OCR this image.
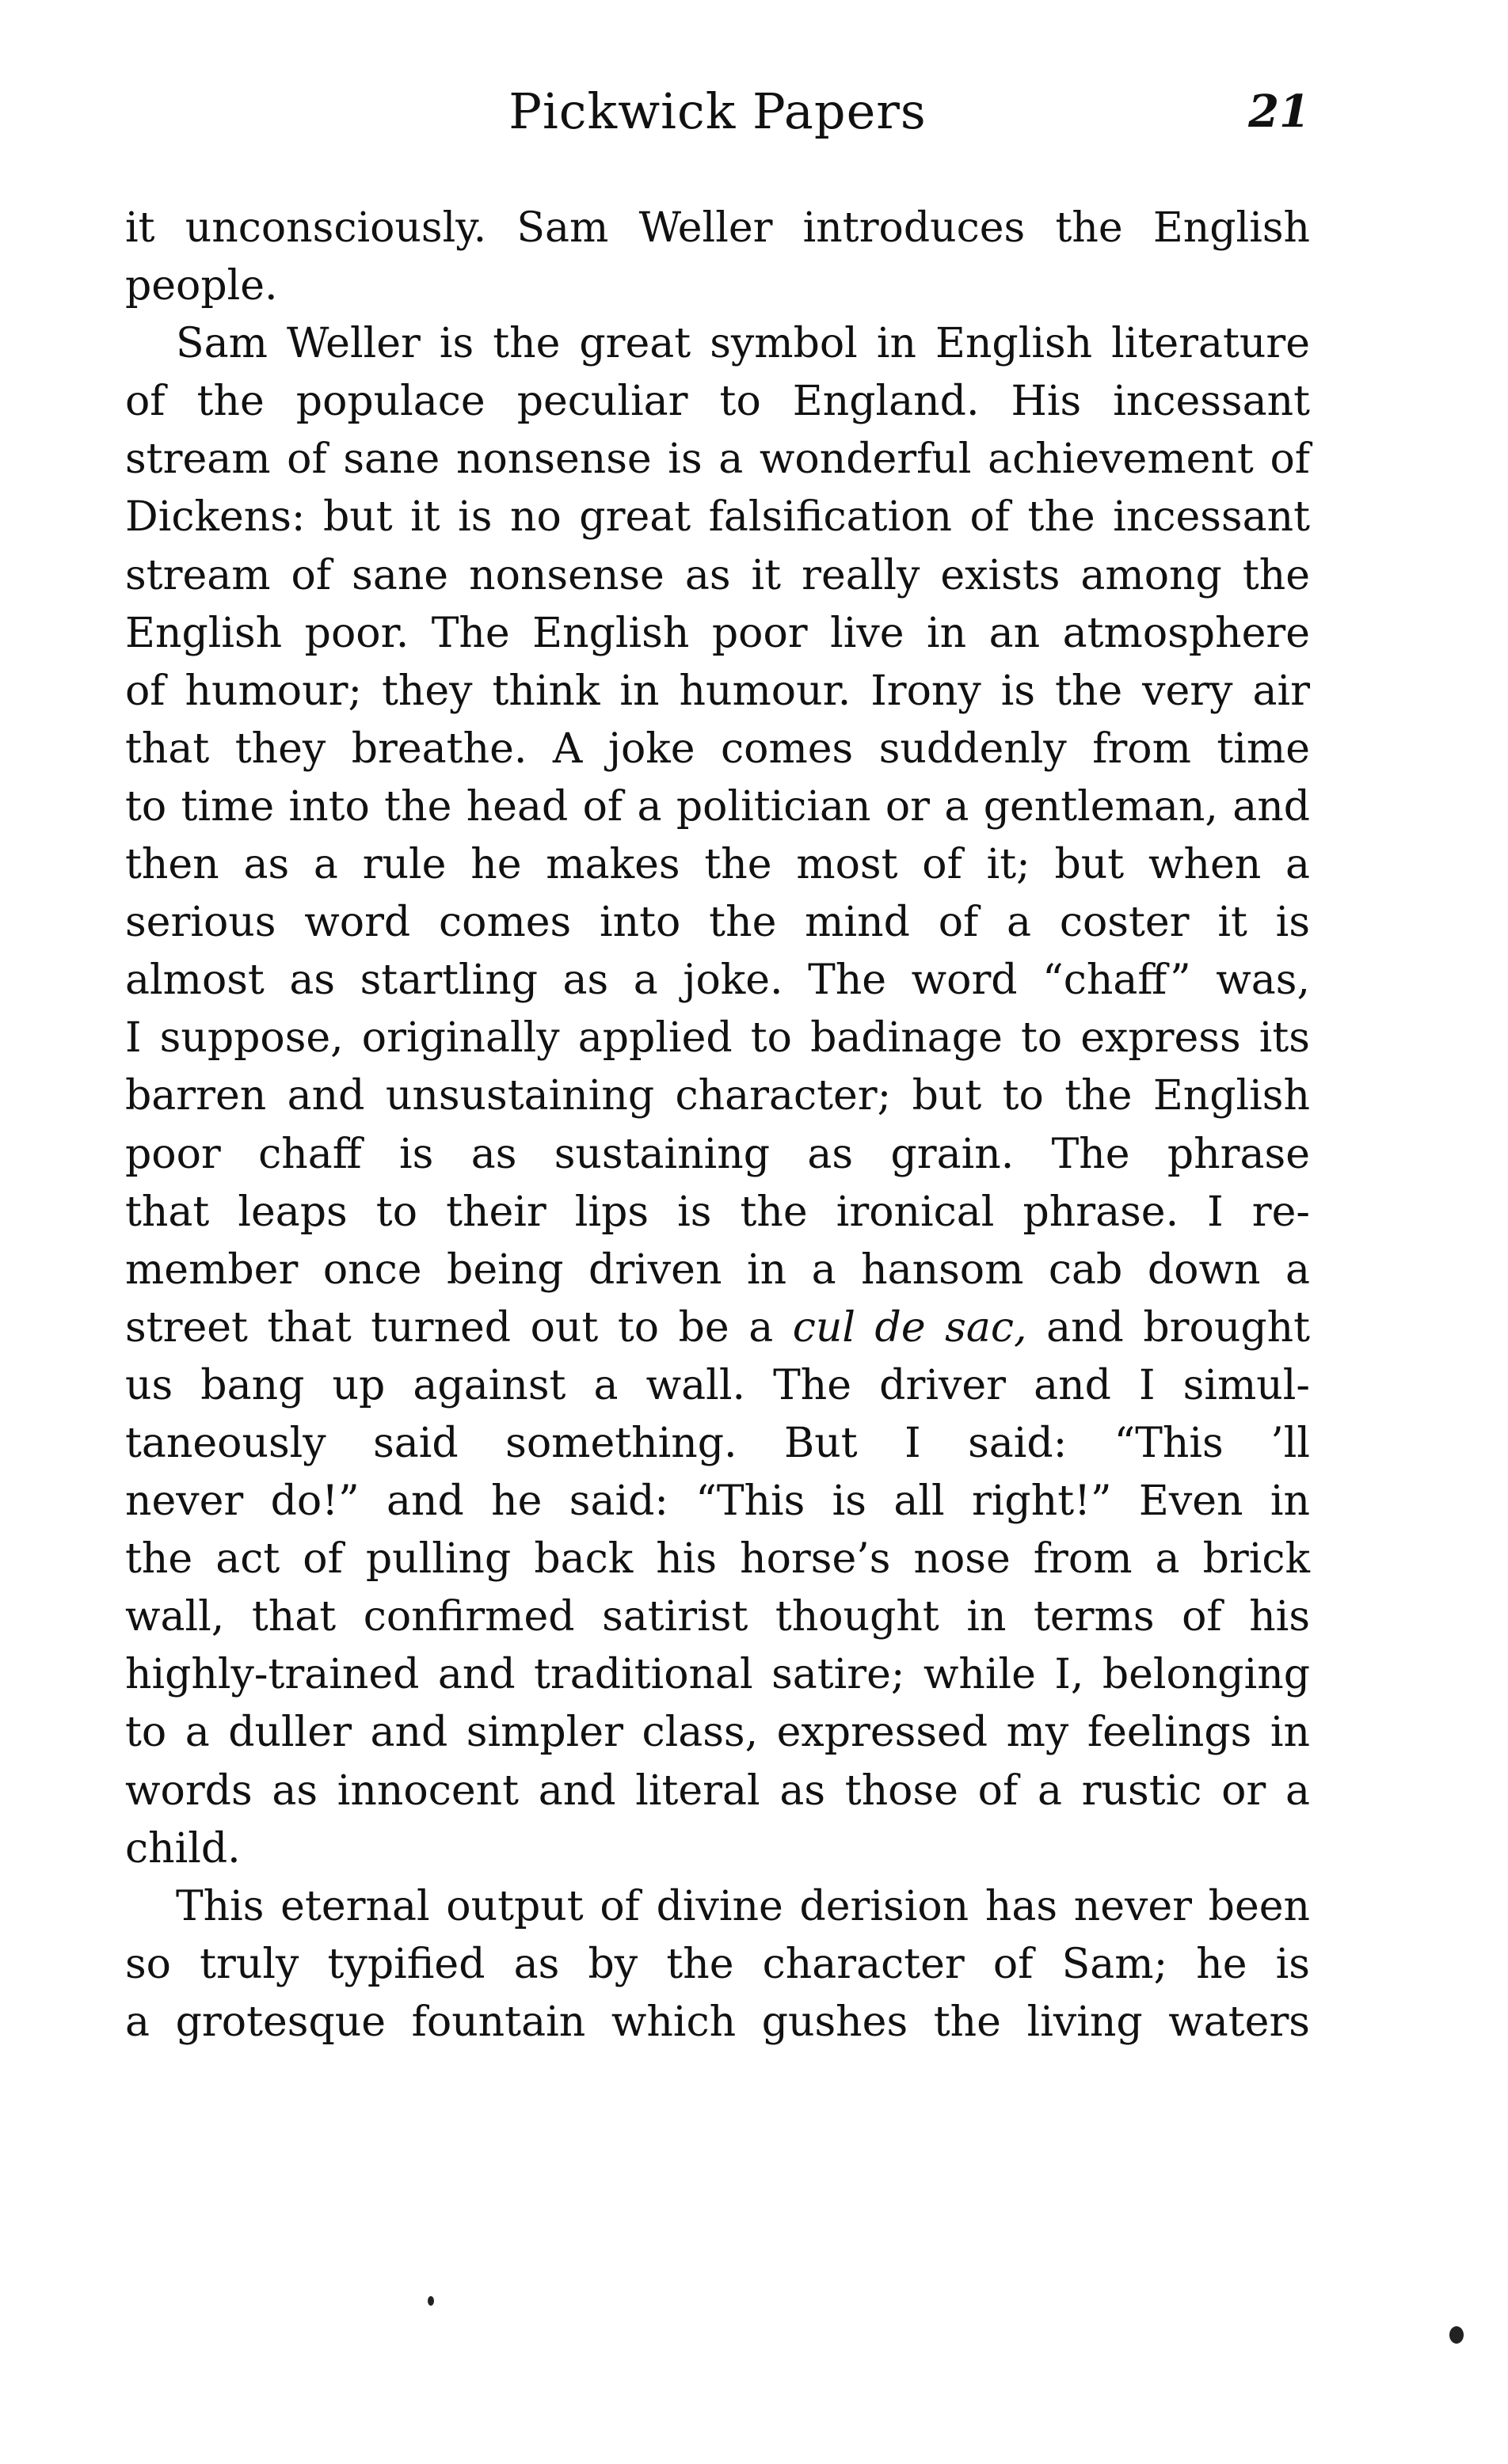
Pickwick Papers	21
it unconsciously. Sam Weller introduces the English
people.
Sam Weller is the great symbol in English literature
of the populace peculiar to England. His incessant
stream of sane nonsense is a wonderful achievement of
Dickens: but it is no great falsification of the incessant
stream of sane nonsense as it really exists among the
English poor. The English poor live in an atmosphere
of humour; they think in humour. Irony is the very air
that they breathe. A joke comes suddenly from time
to time into the head of a politician or a gentleman, and
then as a rule he makes the most of it; but when a
serious word comes into the mind of a coster it is
almost as startling as a joke. The word “chaff” was,
I suppose, originally applied to badinage to express its
barren and unsustaining character; but to the English
poor chaff is as sustaining as grain. The phrase
that leaps to their lips is the ironical phrase. I re-
member once being driven in a hansom cab down a
street that turned out to be a cul de sac, and brought
us bang up against a wall. The driver and I simul-
taneously said something. But I said: “This ’ll
never do!” and he said: “This is all right!” Even in
the act of pulling back his horse’s nose from a brick
wall, that confirmed satirist thought in terms of his
highly-trained and traditional satire; while I, belonging
to a duller and simpler class, expressed my feelings in
words as innocent and literal as those of a rustic or a
child.
This eternal output of divine derision has never been
so truly typified as by the character of Sam; he is
a grotesque fountain which gushes the living waters
